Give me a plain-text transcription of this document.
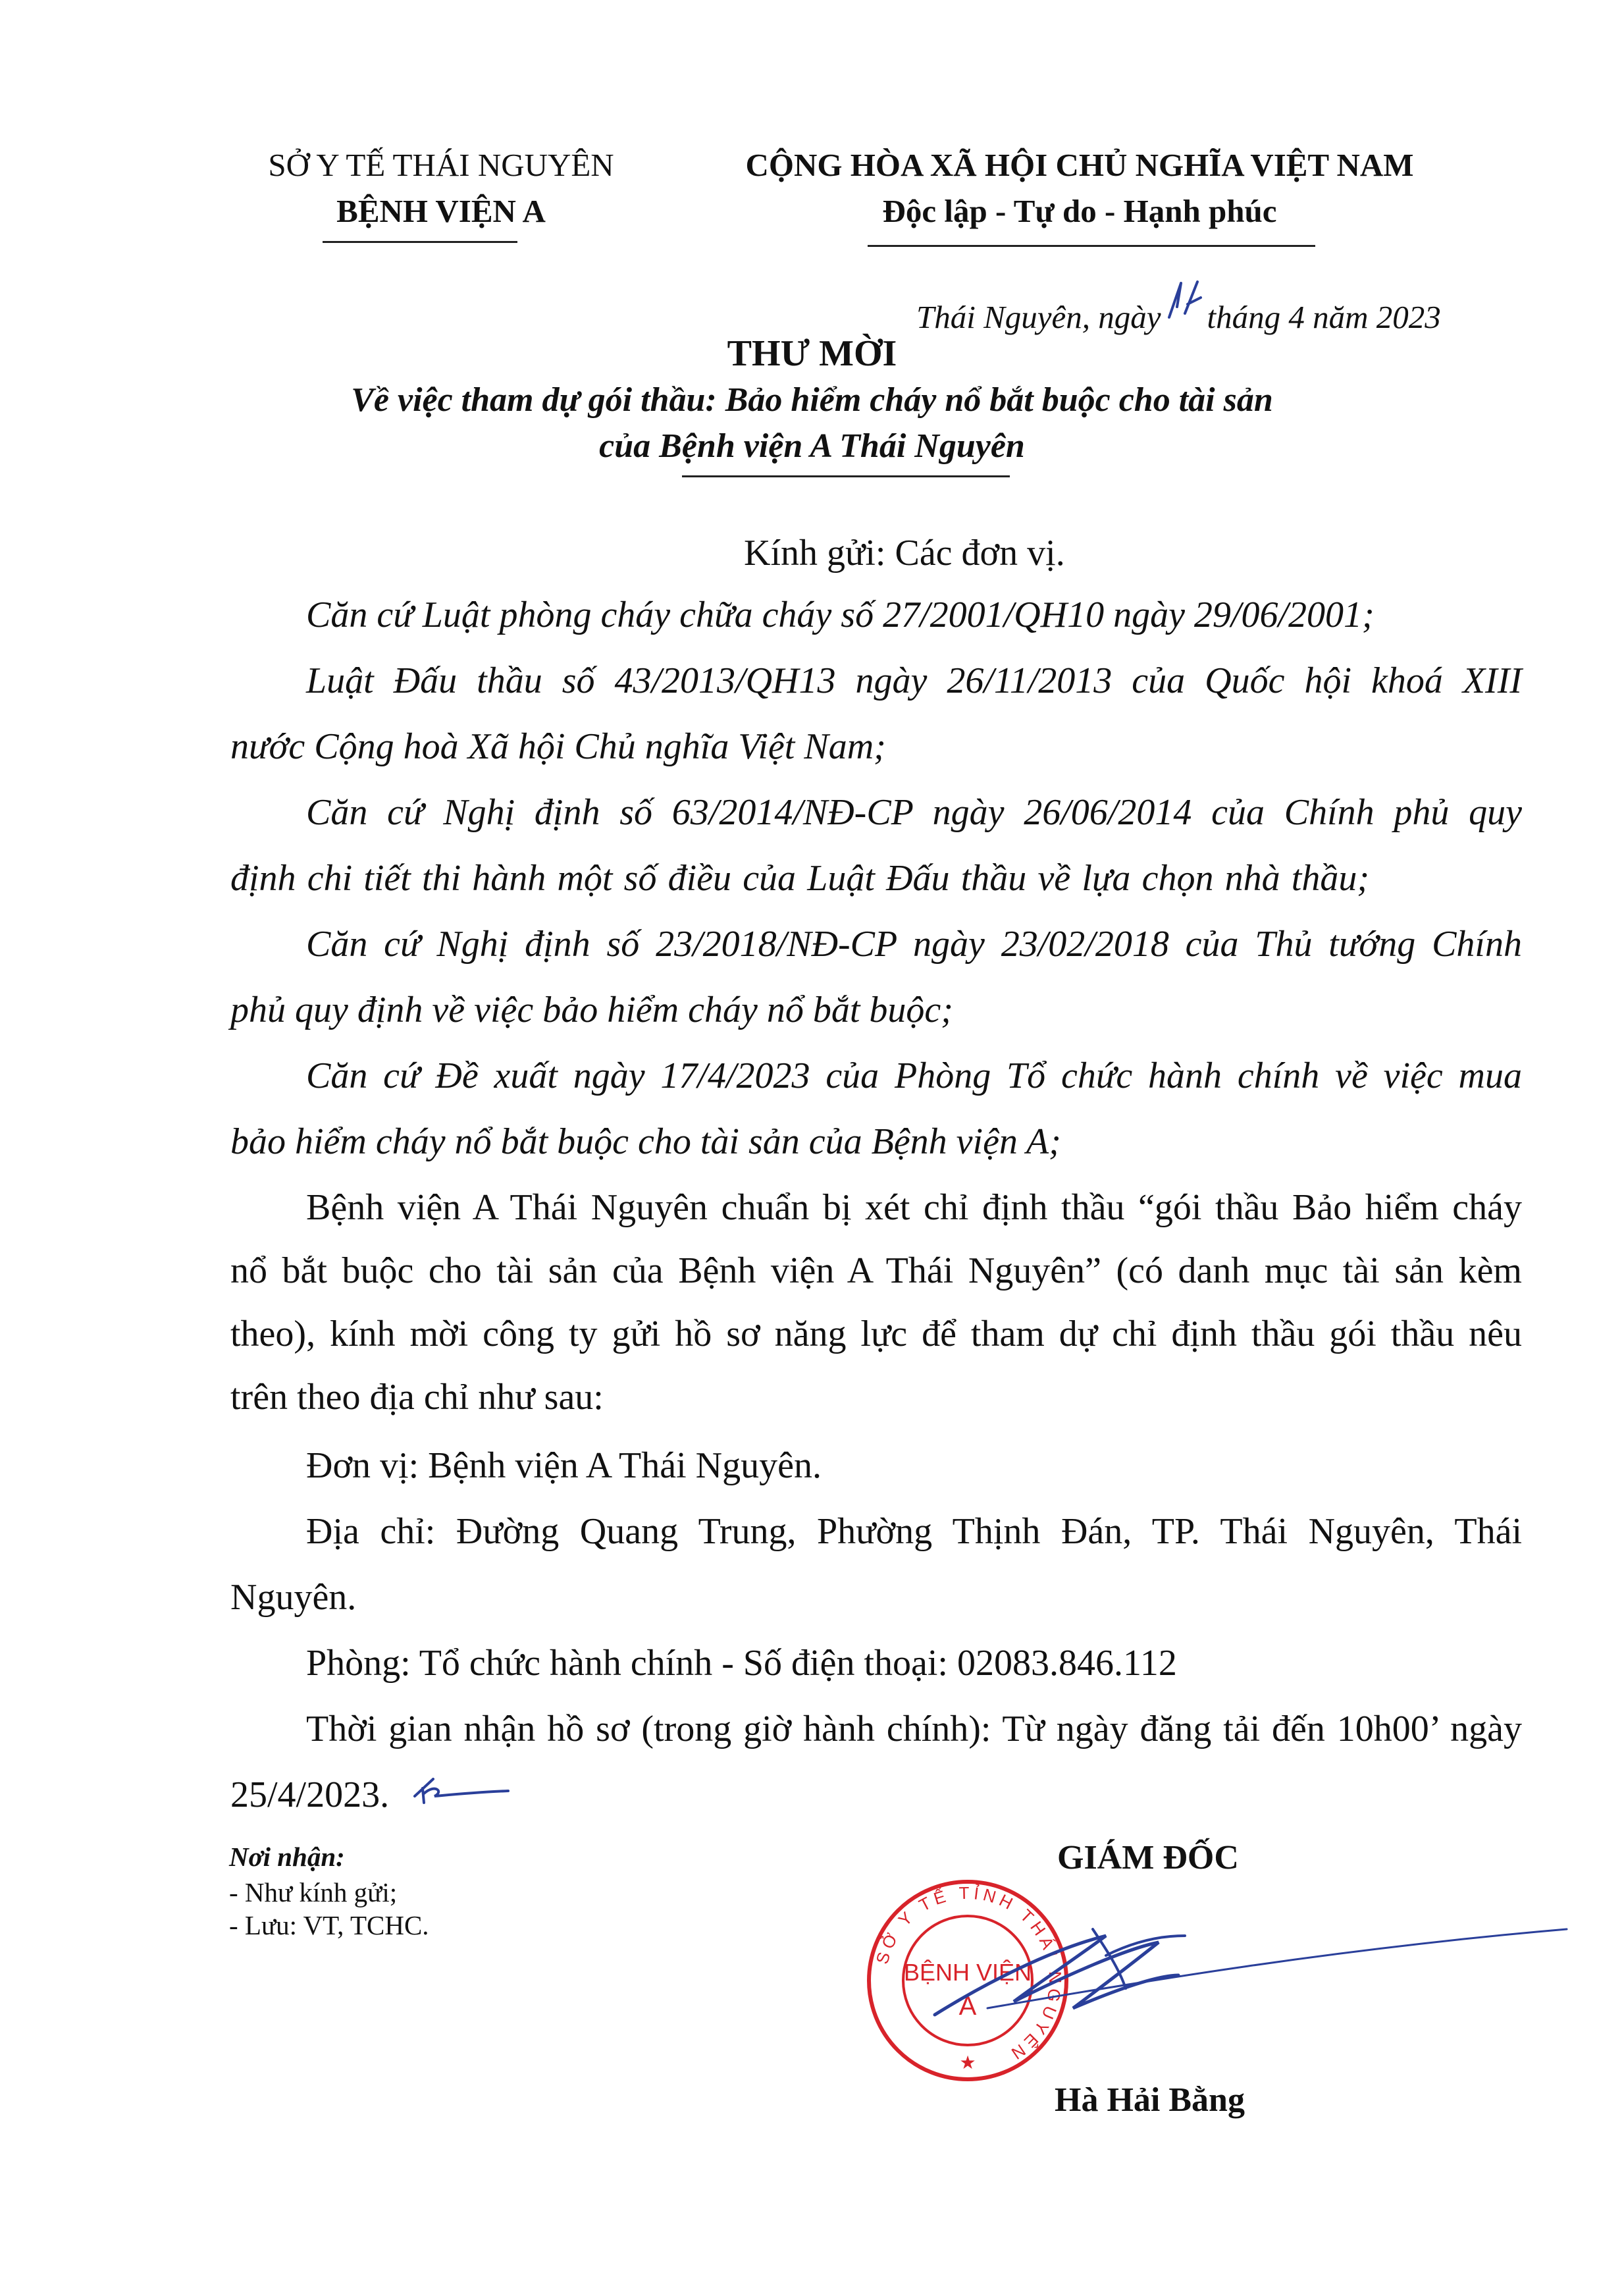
SỞ Y TẾ THÁI NGUYÊN
BỆNH VIỆN A
CỘNG HÒA XÃ HỘI CHỦ NGHĨA VIỆT NAM
Độc lập - Tự do - Hạnh phúc
Thái Nguyên, ngày tháng 4 năm 2023
THƯ MỜI
Về việc tham dự gói thầu: Bảo hiểm cháy nổ bắt buộc cho tài sản
của Bệnh viện A Thái Nguyên
Kính gửi: Các đơn vị.
Căn cứ Luật phòng cháy chữa cháy số 27/2001/QH10 ngày 29/06/2001;
Luật Đấu thầu số 43/2013/QH13 ngày 26/11/2013 của Quốc hội khoá XIII
nước Cộng hoà Xã hội Chủ nghĩa Việt Nam;
Căn cứ Nghị định số 63/2014/NĐ-CP ngày 26/06/2014 của Chính phủ quy
định chi tiết thi hành một số điều của Luật Đấu thầu về lựa chọn nhà thầu;
Căn cứ Nghị định số 23/2018/NĐ-CP ngày 23/02/2018 của Thủ tướng Chính
phủ quy định về việc bảo hiểm cháy nổ bắt buộc;
Căn cứ Đề xuất ngày 17/4/2023 của Phòng Tổ chức hành chính về việc mua
bảo hiểm cháy nổ bắt buộc cho tài sản của Bệnh viện A;
Bệnh viện A Thái Nguyên chuẩn bị xét chỉ định thầu “gói thầu Bảo hiểm cháy
nổ bắt buộc cho tài sản của Bệnh viện A Thái Nguyên” (có danh mục tài sản kèm
theo), kính mời công ty gửi hồ sơ năng lực để tham dự chỉ định thầu gói thầu nêu
trên theo địa chỉ như sau:
Đơn vị: Bệnh viện A Thái Nguyên.
Địa chỉ: Đường Quang Trung, Phường Thịnh Đán, TP. Thái Nguyên, Thái
Nguyên.
Phòng: Tổ chức hành chính - Số điện thoại: 02083.846.112
Thời gian nhận hồ sơ (trong giờ hành chính): Từ ngày đăng tải đến 10h00’ ngày
25/4/2023.
Nơi nhận:
- Như kính gửi;
- Lưu: VT, TCHC.
GIÁM ĐỐC
SỞ Y TẾ TỈNH THÁI NGUYÊN
BỆNH VIỆN
A
★
Hà Hải Bằng
